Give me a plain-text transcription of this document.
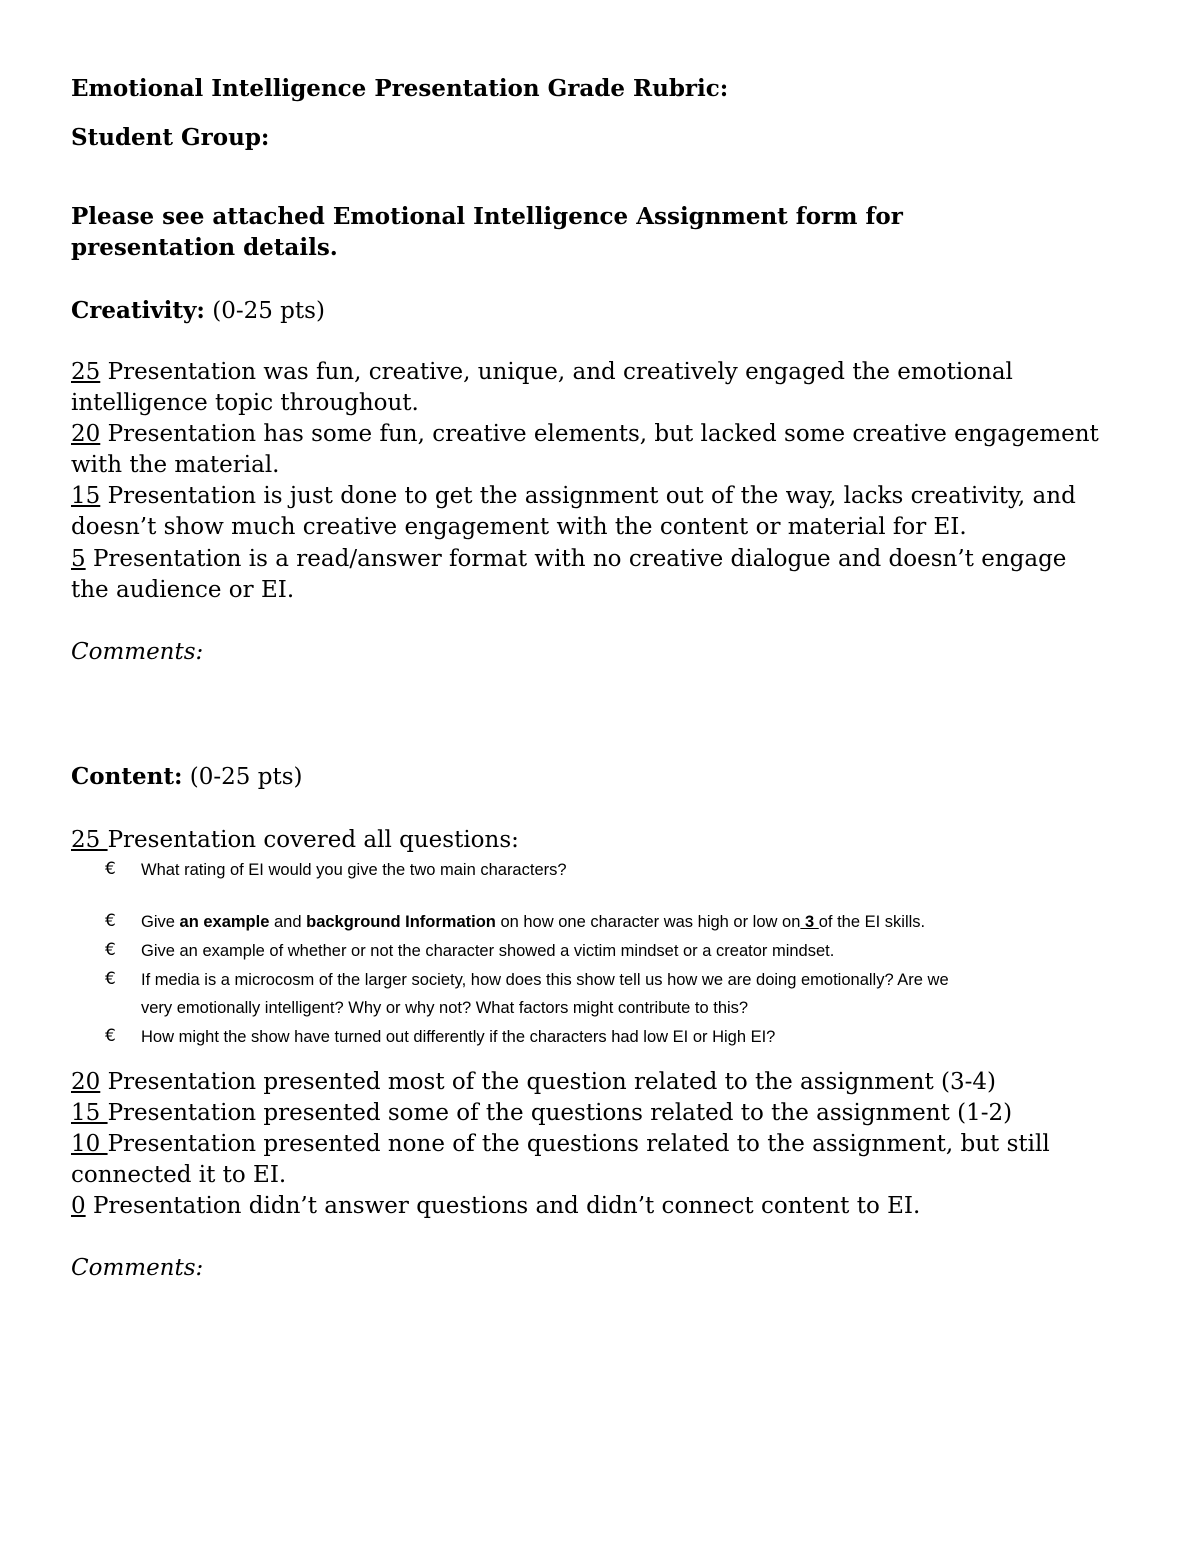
Emotional Intelligence Presentation Grade Rubric:
Student Group:
Please see attached Emotional Intelligence Assignment form for
presentation details.
Creativity: (0-25 pts)
25 Presentation was fun, creative, unique, and creatively engaged the emotional
intelligence topic throughout.
20 Presentation has some fun, creative elements, but lacked some creative engagement
with the material.
15 Presentation is just done to get the assignment out of the way, lacks creativity, and
doesn’t show much creative engagement with the content or material for EI.
5 Presentation is a read/answer format with no creative dialogue and doesn’t engage
the audience or EI.
Comments:
Content: (0-25 pts)
25 Presentation covered all questions:
€ What rating of EI would you give the two main characters?
€ Give an example and background Information on how one character was high or low on 3 of the EI skills.
€ Give an example of whether or not the character showed a victim mindset or a creator mindset.
€ If media is a microcosm of the larger society, how does this show tell us how we are doing emotionally? Are we
very emotionally intelligent? Why or why not? What factors might contribute to this?
€ How might the show have turned out differently if the characters had low EI or High EI?
20 Presentation presented most of the question related to the assignment (3-4)
15 Presentation presented some of the questions related to the assignment (1-2)
10 Presentation presented none of the questions related to the assignment, but still
connected it to EI.
0 Presentation didn’t answer questions and didn’t connect content to EI.
Comments:
